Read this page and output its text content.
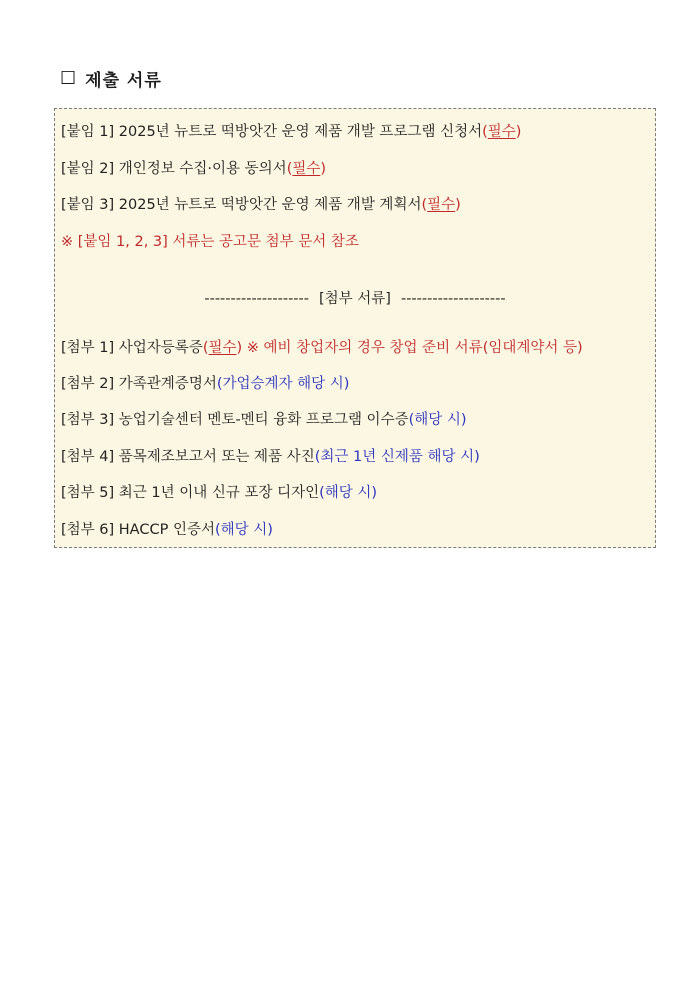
☐ 제출 서류
[붙임 1] 2025년 뉴트로 떡방앗간 운영 제품 개발 프로그램 신청서(필수)
[붙임 2] 개인정보 수집·이용 동의서(필수)
[붙임 3] 2025년 뉴트로 떡방앗간 운영 제품 개발 계획서(필수)
※ [붙임 1, 2, 3] 서류는 공고문 첨부 문서 참조
-------------------- [첨부 서류] --------------------
[첨부 1] 사업자등록증(필수) ※ 예비 창업자의 경우 창업 준비 서류(임대계약서 등)
[첨부 2] 가족관계증명서(가업승계자 해당 시)
[첨부 3] 농업기술센터 멘토-멘티 융화 프로그램 이수증(해당 시)
[첨부 4] 품목제조보고서 또는 제품 사진(최근 1년 신제품 해당 시)
[첨부 5] 최근 1년 이내 신규 포장 디자인(해당 시)
[첨부 6] HACCP 인증서(해당 시)
